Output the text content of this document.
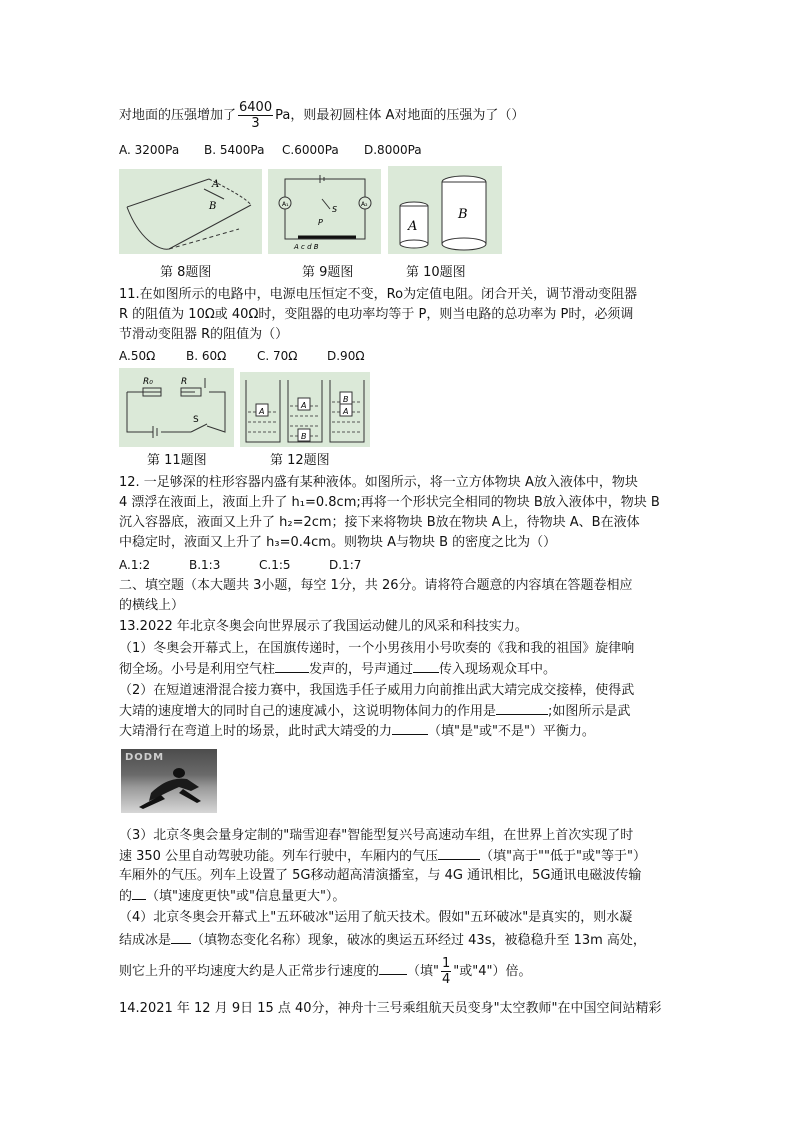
对地面的压强增加了 $\frac{6400}{3}$ Pa，则最初圆柱体 A对地面的压强为了（）
A. 3200Pa B. 5400Pa C.6000Pa D.8000Pa
A
B	A₁	A₂
S
P
A c d B
A
B
第 8题图	第 9题图	第 10题图
11.在如图所示的电路中，电源电压恒定不变，Ro为定值电阻。闭合开关，调节滑动变阻器
R 的阻值为 10Ω或 40Ω时，变阻器的电功率均等于 P，则当电路的总功率为 P时，必须调
节滑动变阻器 R的阻值为（）
A.50Ω	B. 60Ω	C. 70Ω D.90Ω
R₀	R
S
A
A
B
B
A
第 11题图	第 12题图
12. 一足够深的柱形容器内盛有某种液体。如图所示，将一立方体物块 A放入液体中，物块
4 漂浮在液面上，液面上升了 h₁=0.8cm;再将一个形状完全相同的物块 B放入液体中，物块 B
沉入容器底，液面又上升了 h₂=2cm；接下来将物块 B放在物块 A上，待物块 A、B在液体
中稳定时，液面又上升了 h₃=0.4cm。则物块 A与物块 B 的密度之比为（）
A.1:2	B.1:3	C.1:5	D.1:7
二、填空题（本大题共 3小题，每空 1分，共 26分。请将符合题意的内容填在答题卷相应
的横线上）
13.2022 年北京冬奥会向世界展示了我国运动健儿的风采和科技实力。
（1）冬奥会开幕式上，在国旗传递时，一个小男孩用小号吹奏的《我和我的祖国》旋律响
彻全场。小号是利用空气柱	发声的，号声通过 传入现场观众耳中。
（2）在短道速滑混合接力赛中，我国选手任子威用力向前推出武大靖完成交接棒，使得武
大靖的速度增大的同时自己的速度减小，这说明物体间力的作用是	;如图所示是武
大靖滑行在弯道上时的场景，此时武大靖受的力	（填"是"或"不是"）平衡力。
DODM
（3）北京冬奥会量身定制的"瑞雪迎春"智能型复兴号高速动车组，在世界上首次实现了时
速 350 公里自动驾驶功能。列车行驶中，车厢内的气压	（填"高于""低于"或"等于"）
车厢外的气压。列车上设置了 5G移动超高清演播室，与 4G 通讯相比，5G通讯电磁波传输
的 （填"速度更快"或"信息量更大"）。
（4）北京冬奥会开幕式上"五环破冰"运用了航天技术。假如"五环破冰"是真实的，则水凝
结成冰是 （填物态变化名称）现象，破冰的奥运五环经过 43s，被稳稳升至 13m 高处，
则它上升的平均速度大约是人正常步行速度的 （填" $\frac{1}{4}$ "或"4"）倍。
14.2021 年 12 月 9日 15 点 40分，神舟十三号乘组航天员变身"太空教师"在中国空间站精彩
